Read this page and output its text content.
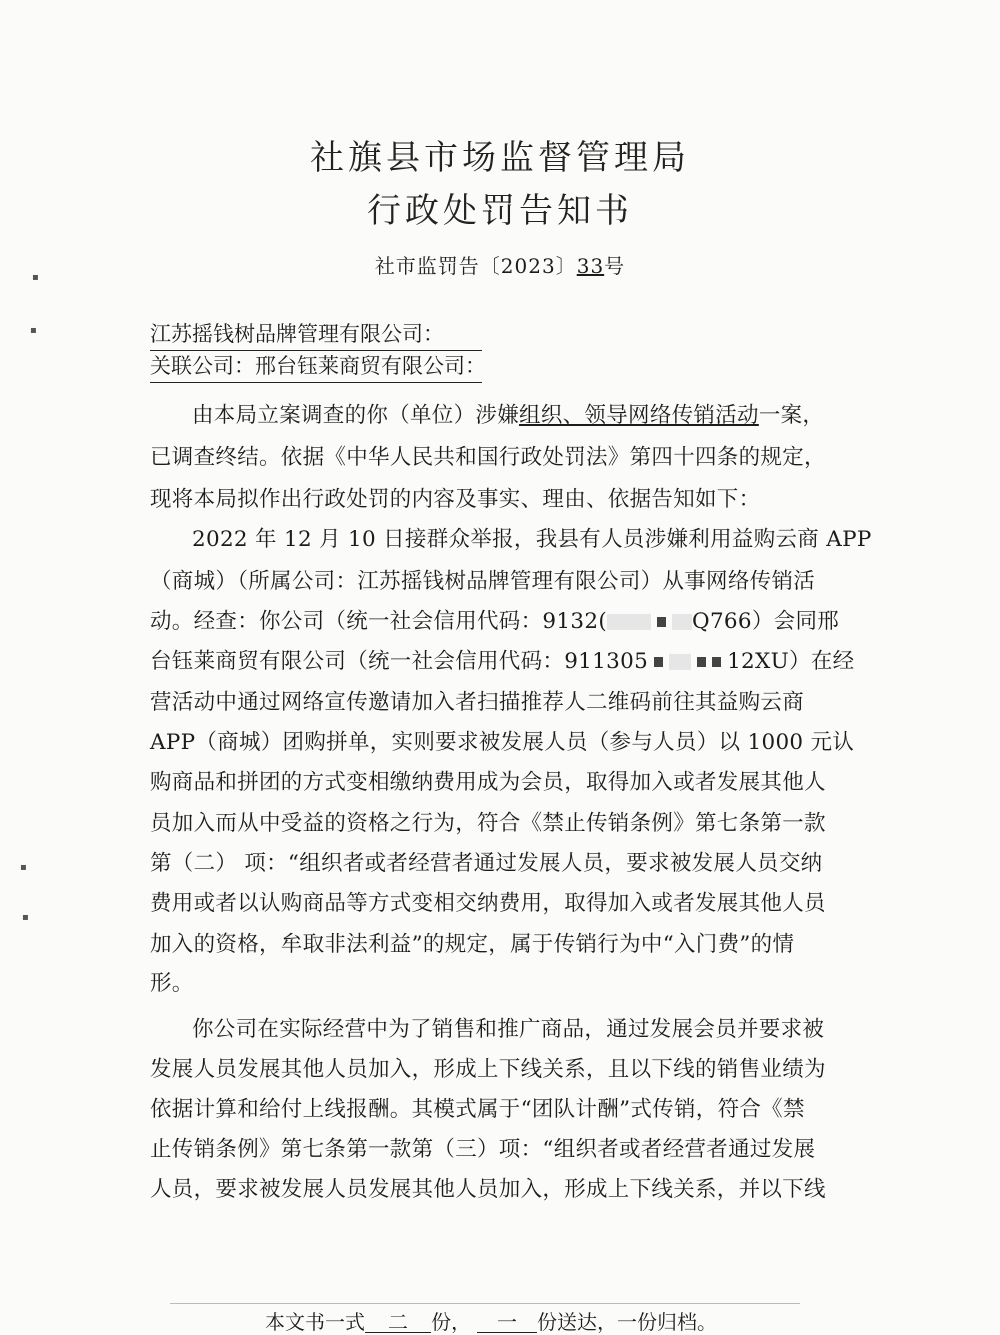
社旗县市场监督管理局
行政处罚告知书
社市监罚告〔2023〕33号
江苏摇钱树品牌管理有限公司：
关联公司：邢台钰莱商贸有限公司：
由本局立案调查的你（单位）涉嫌组织、领导网络传销活动一案，
已调查终结。依据《中华人民共和国行政处罚法》第四十四条的规定，
现将本局拟作出行政处罚的内容及事实、理由、依据告知如下：
2022 年 12 月 10 日接群众举报，我县有人员涉嫌利用益购云商 APP
（商城）（所属公司：江苏摇钱树品牌管理有限公司）从事网络传销活
动。经查：你公司（统一社会信用代码：9132(	Q766）会同邢
台钰莱商贸有限公司（统一社会信用代码：911305	12XU）在经
营活动中通过网络宣传邀请加入者扫描推荐人二维码前往其益购云商
APP（商城）团购拼单，实则要求被发展人员（参与人员）以 1000 元认
购商品和拼团的方式变相缴纳费用成为会员，取得加入或者发展其他人
员加入而从中受益的资格之行为，符合《禁止传销条例》第七条第一款
第（二） 项：“组织者或者经营者通过发展人员，要求被发展人员交纳
费用或者以认购商品等方式变相交纳费用，取得加入或者发展其他人员
加入的资格，牟取非法利益”的规定，属于传销行为中“入门费”的情
形。
你公司在实际经营中为了销售和推广商品，通过发展会员并要求被
发展人员发展其他人员加入，形成上下线关系，且以下线的销售业绩为
依据计算和给付上线报酬。其模式属于“团队计酬”式传销，符合《禁
止传销条例》第七条第一款第（三）项：“组织者或者经营者通过发展
人员，要求被发展人员发展其他人员加入，形成上下线关系，并以下线
本文书一式 二 份， 一 份送达，一份归档。
▪
▪
▪
▪
